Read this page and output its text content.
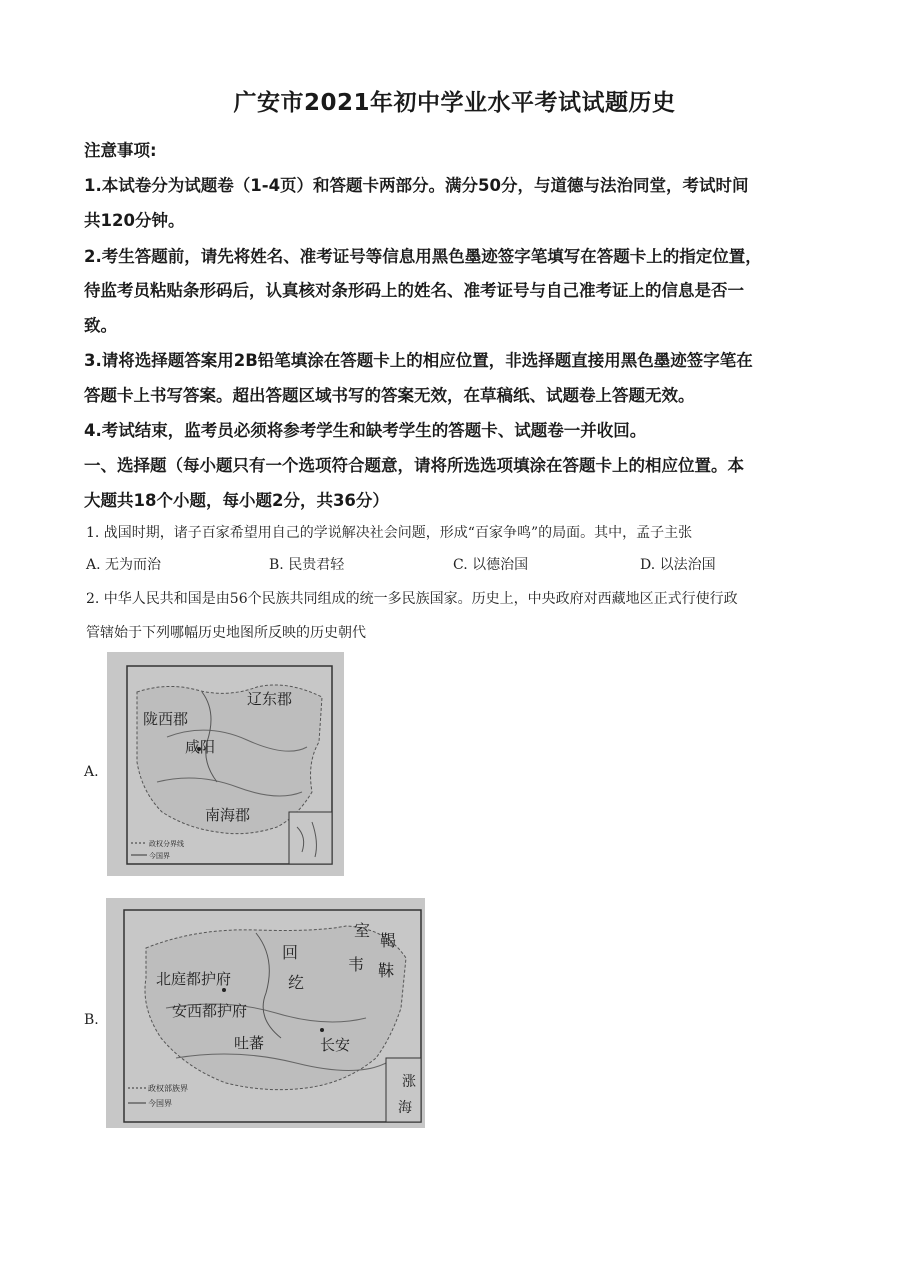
广安市2021年初中学业水平考试试题历史
注意事项:
1.本试卷分为试题卷（1-4页）和答题卡两部分。满分50分，与道德与法治同堂，考试时间
共120分钟。
2.考生答题前，请先将姓名、准考证号等信息用黑色墨迹签字笔填写在答题卡上的指定位置，
待监考员粘贴条形码后，认真核对条形码上的姓名、准考证号与自己准考证上的信息是否一
致。
3.请将选择题答案用2B铅笔填涂在答题卡上的相应位置，非选择题直接用黑色墨迹签字笔在
答题卡上书写答案。超出答题区域书写的答案无效，在草稿纸、试题卷上答题无效。
4.考试结束，监考员必须将参考学生和缺考学生的答题卡、试题卷一并收回。
一、选择题（每小题只有一个选项符合题意，请将所选选项填涂在答题卡上的相应位置。本
大题共18个小题，每小题2分，共36分）
1. 战国时期，诸子百家希望用自己的学说解决社会问题，形成“百家争鸣”的局面。其中，孟子主张
A. 无为而治	B. 民贵君轻	C. 以德治国	D. 以法治国
2. 中华人民共和国是由56个民族共同组成的统一多民族国家。历史上，中央政府对西藏地区正式行使行政
管辖始于下列哪幅历史地图所反映的历史朝代
A.
辽东郡
陇西郡
咸阳
南海郡
政权分界线
今国界
B.
室
鞨
回
纥
韦 靺
北庭都护府
安西都护府
吐蕃	长安
涨
海
政权部族界
今国界
